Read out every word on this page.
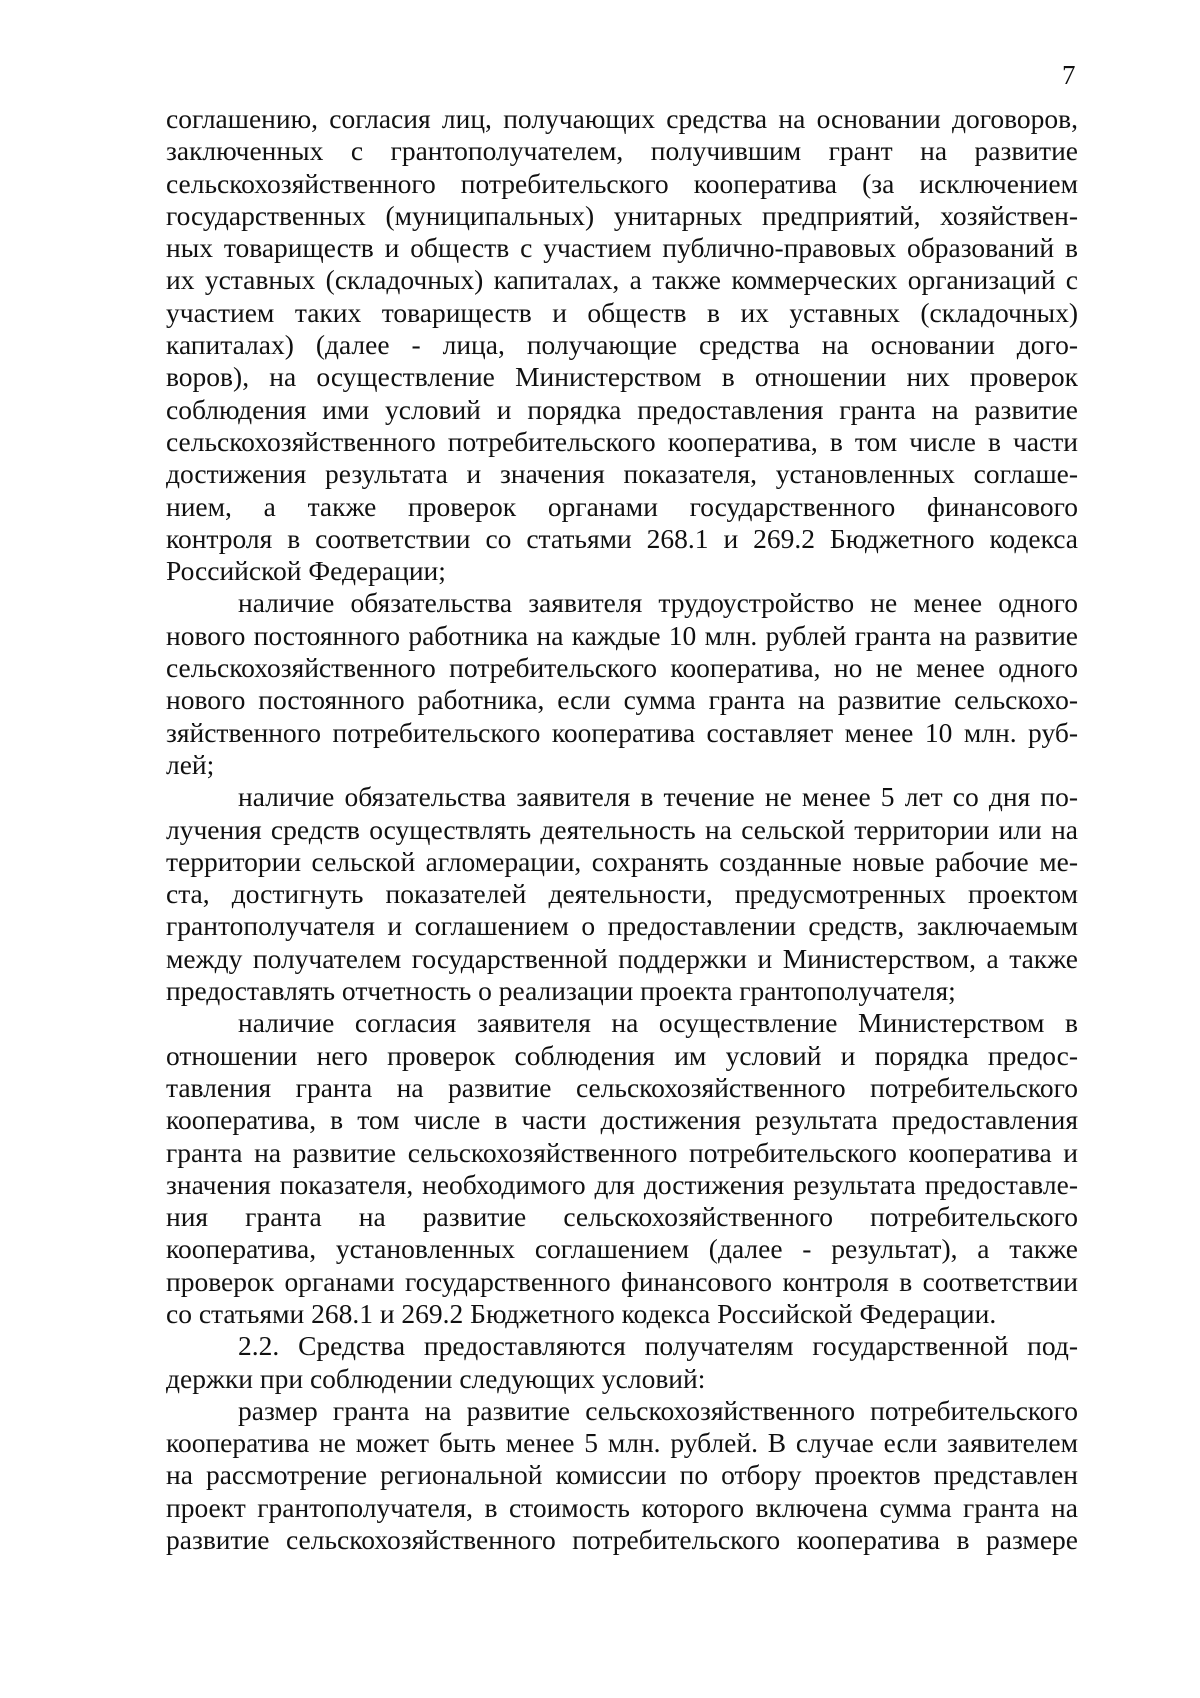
7
соглашению, согласия лиц, получающих средства на основании договоров,
заключенных с грантополучателем, получившим грант на развитие
сельскохозяйственного потребительского кооператива (за исключением
государственных (муниципальных) унитарных предприятий, хозяйствен-
ных товариществ и обществ с участием публично-правовых образований в
их уставных (складочных) капиталах, а также коммерческих организаций с
участием таких товариществ и обществ в их уставных (складочных)
капиталах) (далее - лица, получающие средства на основании дого-
воров), на осуществление Министерством в отношении них проверок
соблюдения ими условий и порядка предоставления гранта на развитие
сельскохозяйственного потребительского кооператива, в том числе в части
достижения результата и значения показателя, установленных соглаше-
нием, а также проверок органами государственного финансового
контроля в соответствии со статьями 268.1 и 269.2 Бюджетного кодекса
Российской Федерации;
наличие обязательства заявителя трудоустройство не менее одного
нового постоянного работника на каждые 10 млн. рублей гранта на развитие
сельскохозяйственного потребительского кооператива, но не менее одного
нового постоянного работника, если сумма гранта на развитие сельскохо-
зяйственного потребительского кооператива составляет менее 10 млн. руб-
лей;
наличие обязательства заявителя в течение не менее 5 лет со дня по-
лучения средств осуществлять деятельность на сельской территории или на
территории сельской агломерации, сохранять созданные новые рабочие ме-
ста, достигнуть показателей деятельности, предусмотренных проектом
грантополучателя и соглашением о предоставлении средств, заключаемым
между получателем государственной поддержки и Министерством, а также
предоставлять отчетность о реализации проекта грантополучателя;
наличие согласия заявителя на осуществление Министерством в
отношении него проверок соблюдения им условий и порядка предос-
тавления гранта на развитие сельскохозяйственного потребительского
кооператива, в том числе в части достижения результата предоставления
гранта на развитие сельскохозяйственного потребительского кооператива и
значения показателя, необходимого для достижения результата предоставле-
ния гранта на развитие сельскохозяйственного потребительского
кооператива, установленных соглашением (далее - результат), а также
проверок органами государственного финансового контроля в соответствии
со статьями 268.1 и 269.2 Бюджетного кодекса Российской Федерации.
2.2. Средства предоставляются получателям государственной под-
держки при соблюдении следующих условий:
размер гранта на развитие сельскохозяйственного потребительского
кооператива не может быть менее 5 млн. рублей. В случае если заявителем
на рассмотрение региональной комиссии по отбору проектов представлен
проект грантополучателя, в стоимость которого включена сумма гранта на
развитие сельскохозяйственного потребительского кооператива в размере
